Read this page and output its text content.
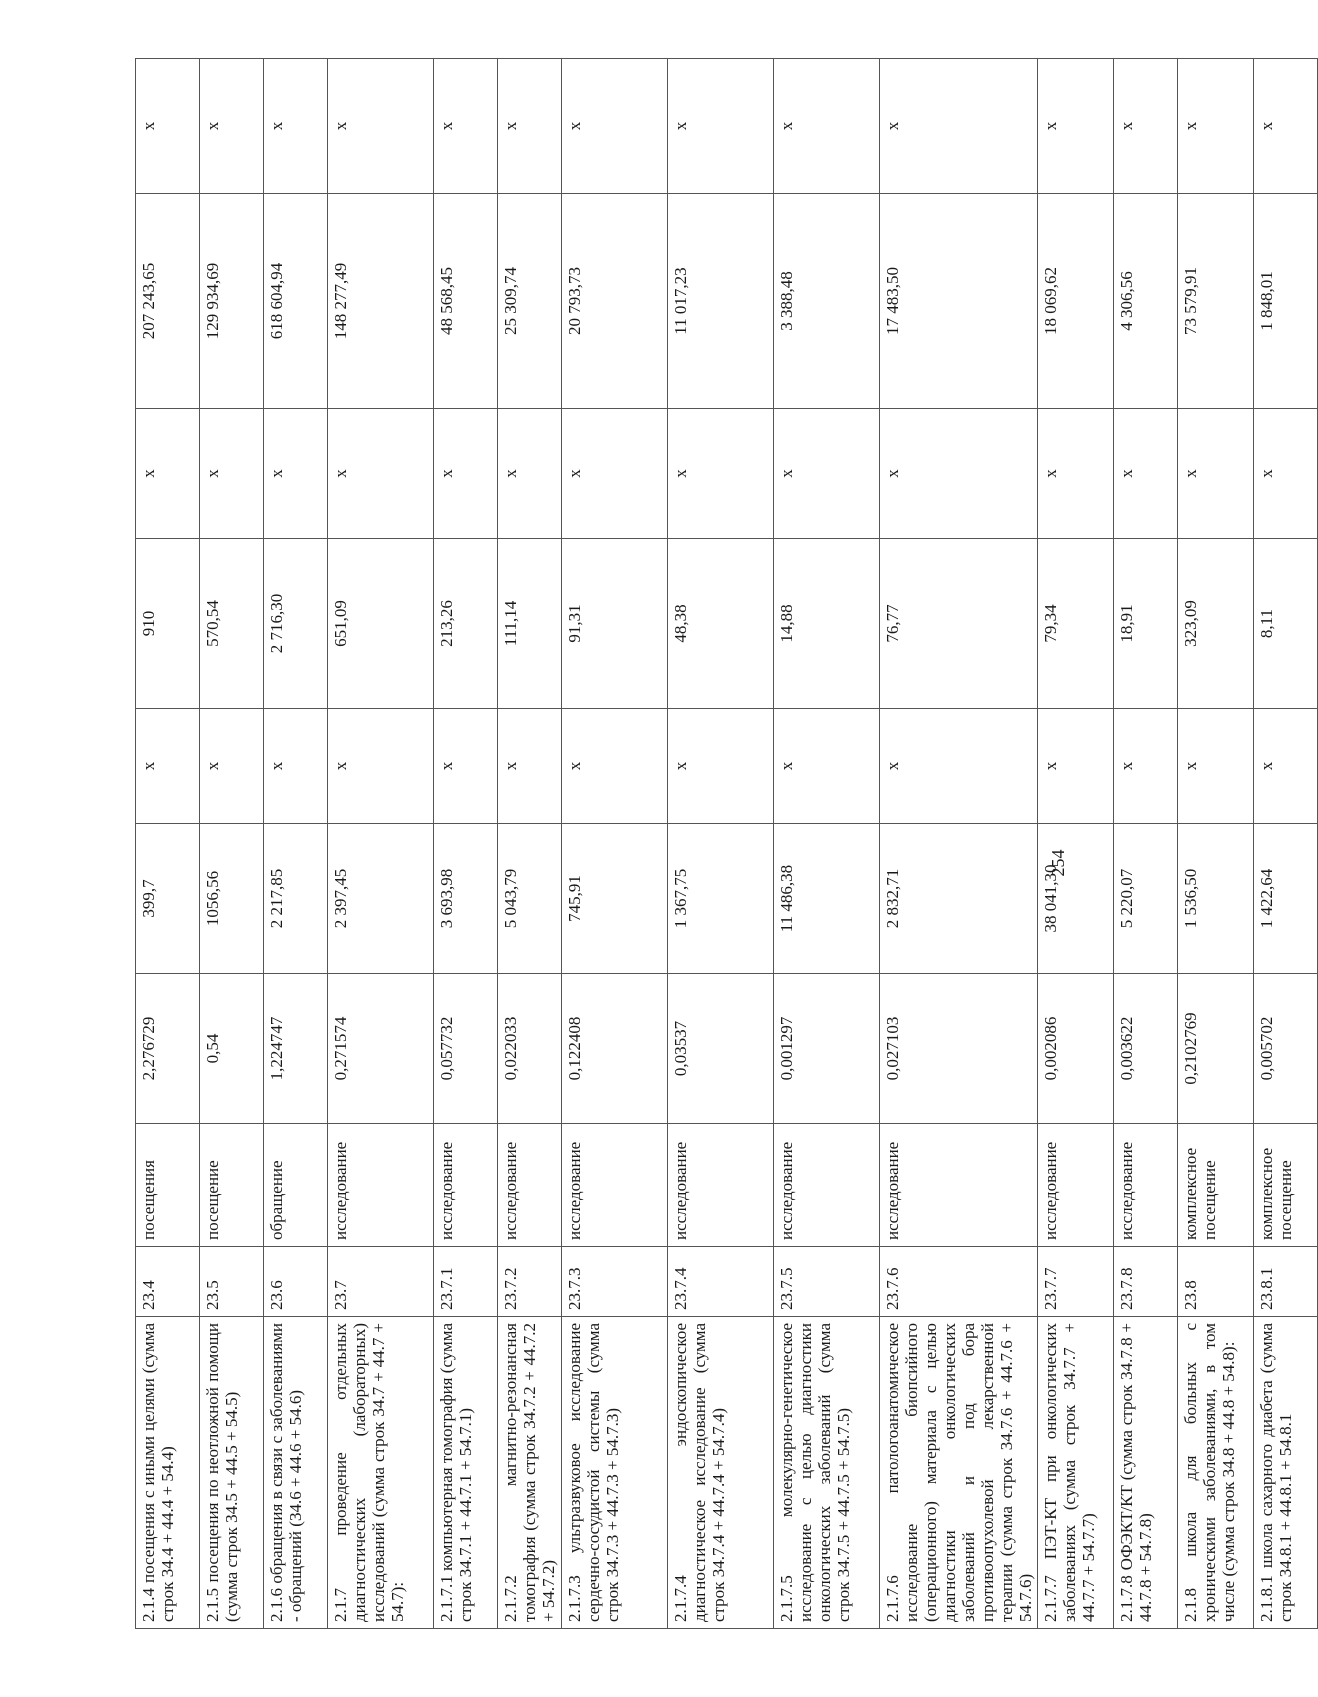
2.1.4 посещения с иными целями (сумма строк 34.4 + 44.4 + 54.4)	23.4	посещения	2,276729	399,7	х	910	х	207 243,65	х
2.1.5 посещения по неотложной помощи (сумма строк 34.5 + 44.5 + 54.5)	23.5	посещение	0,54	1056,56	х	570,54	х	129 934,69	х
2.1.6 обращения в связи с заболеваниями - обращений (34.6 + 44.6 + 54.6)	23.6	обращение	1,224747	2 217,85	х	2 716,30	х	618 604,94	х
2.1.7 проведение отдельных диагностических (лабораторных) исследований (сумма строк 34.7 + 44.7 + 54.7):	23.7	исследование	0,271574	2 397,45	х	651,09	х	148 277,49	х
2.1.7.1 компьютерная томография (сумма строк 34.7.1 + 44.7.1 + 54.7.1)	23.7.1	исследование	0,057732	3 693,98	х	213,26	х	48 568,45	х
2.1.7.2 магнитно-резонансная томография (сумма строк 34.7.2 + 44.7.2 + 54.7.2)	23.7.2	исследование	0,022033	5 043,79	х	111,14	х	25 309,74	х
2.1.7.3 ультразвуковое исследование сердечно-сосудистой системы (сумма строк 34.7.3 + 44.7.3 + 54.7.3)	23.7.3	исследование	0,122408	745,91	х	91,31	х	20 793,73	х
2.1.7.4 эндоскопическое диагностическое исследование (сумма строк 34.7.4 + 44.7.4 + 54.7.4)	23.7.4	исследование	0,03537	1 367,75	х	48,38	х	11 017,23	х
2.1.7.5 молекулярно-генетическое исследование с целью диагностики онкологических заболеваний (сумма строк 34.7.5 + 44.7.5 + 54.7.5)	23.7.5	исследование	0,001297	11 486,38	х	14,88	х	3 388,48	х
2.1.7.6 патологоанатомическое исследование биопсийного (операционного) материала с целью диагностики онкологических заболеваний и под бора противоопухолевой лекарственной терапии (сумма строк 34.7.6 + 44.7.6 + 54.7.6)	23.7.6	исследование	0,027103	2 832,71	х	76,77	х	17 483,50	х
2.1.7.7 ПЭТ-КТ при онкологических заболеваниях (сумма строк 34.7.7 + 44.7.7 + 54.7.7)	23.7.7	исследование	0,002086	38 041,30	х	79,34	х	18 069,62	х
2.1.7.8 ОФЭКТ/КТ (сумма строк 34.7.8 + 44.7.8 + 54.7.8)	23.7.8	исследование	0,003622	5 220,07	х	18,91	х	4 306,56	х
2.1.8 школа для больных с хроническими заболеваниями, в том числе (сумма строк 34.8 + 44.8 + 54.8):	23.8	комплексное посещение	0,2102769	1 536,50	х	323,09	х	73 579,91	х
2.1.8.1 школа сахарного диабета (сумма строк 34.8.1 + 44.8.1 + 54.8.1	23.8.1	комплексное посещение	0,005702	1 422,64	х	8,11	х	1 848,01	х
254
